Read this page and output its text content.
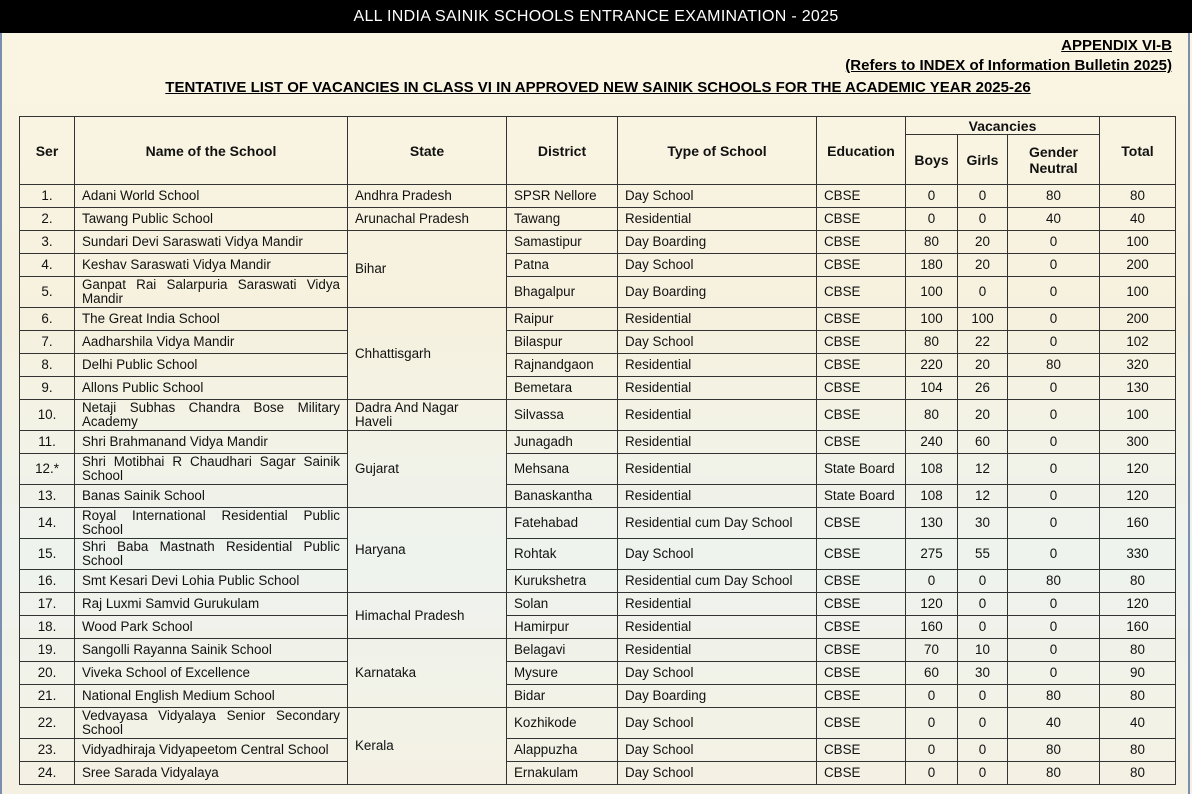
ALL INDIA SAINIK SCHOOLS ENTRANCE EXAMINATION - 2025
APPENDIX VI-B
(Refers to INDEX of Information Bulletin 2025)
TENTATIVE LIST OF VACANCIES IN CLASS VI IN APPROVED NEW SAINIK SCHOOLS FOR THE ACADEMIC YEAR 2025-26
Ser	Name of the School	State	District	Type of School	Education	Vacancies			Total
						Boys	Girls	Gender Neutral	
1.	Adani World School	Andhra Pradesh	SPSR Nellore	Day School	CBSE	0	0	80	80
2.	Tawang Public School	Arunachal Pradesh	Tawang	Residential	CBSE	0	0	40	40
3.	Sundari Devi Saraswati Vidya Mandir	Bihar	Samastipur	Day Boarding	CBSE	80	20	0	100
4.	Keshav Saraswati Vidya Mandir		Patna	Day School	CBSE	180	20	0	200
5.	Ganpat Rai Salarpuria Saraswati Vidya Mandir		Bhagalpur	Day Boarding	CBSE	100	0	0	100
6.	The Great India School	Chhattisgarh	Raipur	Residential	CBSE	100	100	0	200
7.	Aadharshila Vidya Mandir		Bilaspur	Day School	CBSE	80	22	0	102
8.	Delhi Public School		Rajnandgaon	Residential	CBSE	220	20	80	320
9.	Allons Public School		Bemetara	Residential	CBSE	104	26	0	130
10.	Netaji Subhas Chandra Bose Military Academy	Dadra And Nagar Haveli	Silvassa	Residential	CBSE	80	20	0	100
11.	Shri Brahmanand Vidya Mandir	Gujarat	Junagadh	Residential	CBSE	240	60	0	300
12.*	Shri Motibhai R Chaudhari Sagar Sainik School		Mehsana	Residential	State Board	108	12	0	120
13.	Banas Sainik School		Banaskantha	Residential	State Board	108	12	0	120
14.	Royal International Residential Public School	Haryana	Fatehabad	Residential cum Day School	CBSE	130	30	0	160
15.	Shri Baba Mastnath Residential Public School		Rohtak	Day School	CBSE	275	55	0	330
16.	Smt Kesari Devi Lohia Public School		Kurukshetra	Residential cum Day School	CBSE	0	0	80	80
17.	Raj Luxmi Samvid Gurukulam	Himachal Pradesh	Solan	Residential	CBSE	120	0	0	120
18.	Wood Park School		Hamirpur	Residential	CBSE	160	0	0	160
19.	Sangolli Rayanna Sainik School	Karnataka	Belagavi	Residential	CBSE	70	10	0	80
20.	Viveka School of Excellence		Mysure	Day School	CBSE	60	30	0	90
21.	National English Medium School		Bidar	Day Boarding	CBSE	0	0	80	80
22.	Vedvayasa Vidyalaya Senior Secondary School	Kerala	Kozhikode	Day School	CBSE	0	0	40	40
23.	Vidyadhiraja Vidyapeetom Central School		Alappuzha	Day School	CBSE	0	0	80	80
24.	Sree Sarada Vidyalaya		Ernakulam	Day School	CBSE	0	0	80	80
